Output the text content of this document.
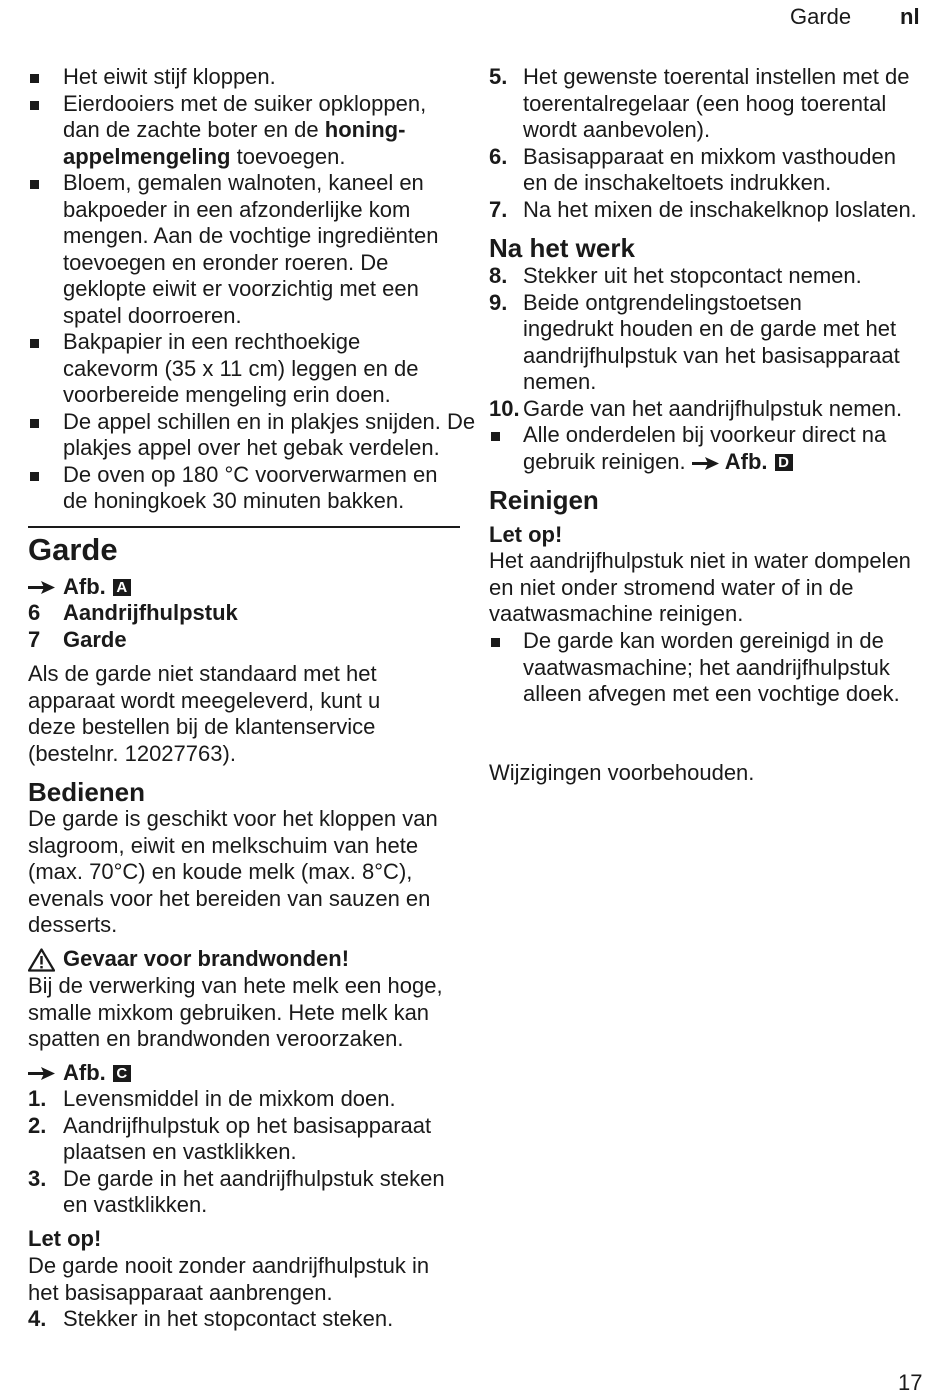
Garde nl
Het eiwit stijf kloppen.
Eierdooiers met de suiker opkloppen,
dan de zachte boter en de honing-
appelmengeling toevoegen.
Bloem, gemalen walnoten, kaneel en
bakpoeder in een afzonderlijke kom
mengen. Aan de vochtige ingrediënten
toevoegen en eronder roeren. De
geklopte eiwit er voorzichtig met een
spatel doorroeren.
Bakpapier in een rechthoekige
cakevorm (35 x 11 cm) leggen en de
voorbereide mengeling erin doen.
De appel schillen en in plakjes snijden. De
plakjes appel over het gebak verdelen.
De oven op 180 °C voorverwarmen en
de honingkoek 30 minuten bakken.
Garde
Afb. A
6 Aandrijfhulpstuk
7 Garde
Als de garde niet standaard met het
apparaat wordt meegeleverd, kunt u
deze bestellen bij de klantenservice
(bestelnr. 12027763).
Bedienen
De garde is geschikt voor het kloppen van
slagroom, eiwit en melkschuim van hete
(max. 70°C) en koude melk (max. 8°C),
evenals voor het bereiden van sauzen en
desserts.
Gevaar voor brandwonden!
Bij de verwerking van hete melk een hoge,
smalle mixkom gebruiken. Hete melk kan
spatten en brandwonden veroorzaken.
Afb. C
1. Levensmiddel in de mixkom doen.
2. Aandrijfhulpstuk op het basisapparaat
plaatsen en vastklikken.
3. De garde in het aandrijfhulpstuk steken
en vastklikken.
Let op!
De garde nooit zonder aandrijfhulpstuk in
het basisapparaat aanbrengen.
4. Stekker in het stopcontact steken.
5. Het gewenste toerental instellen met de
toerentalregelaar (een hoog toerental
wordt aanbevolen).
6. Basisapparaat en mixkom vasthouden
en de inschakeltoets indrukken.
7. Na het mixen de inschakelknop loslaten.
Na het werk
8. Stekker uit het stopcontact nemen.
9. Beide ontgrendelingstoetsen
ingedrukt houden en de garde met het
aandrijfhulpstuk van het basisapparaat
nemen.
10. Garde van het aandrijfhulpstuk nemen.
Alle onderdelen bij voorkeur direct na
gebruik reinigen. Afb. D
Reinigen
Let op!
Het aandrijfhulpstuk niet in water dompelen
en niet onder stromend water of in de
vaatwasmachine reinigen.
De garde kan worden gereinigd in de
vaatwasmachine; het aandrijfhulpstuk
alleen afvegen met een vochtige doek.
Wijzigingen voorbehouden.
17
